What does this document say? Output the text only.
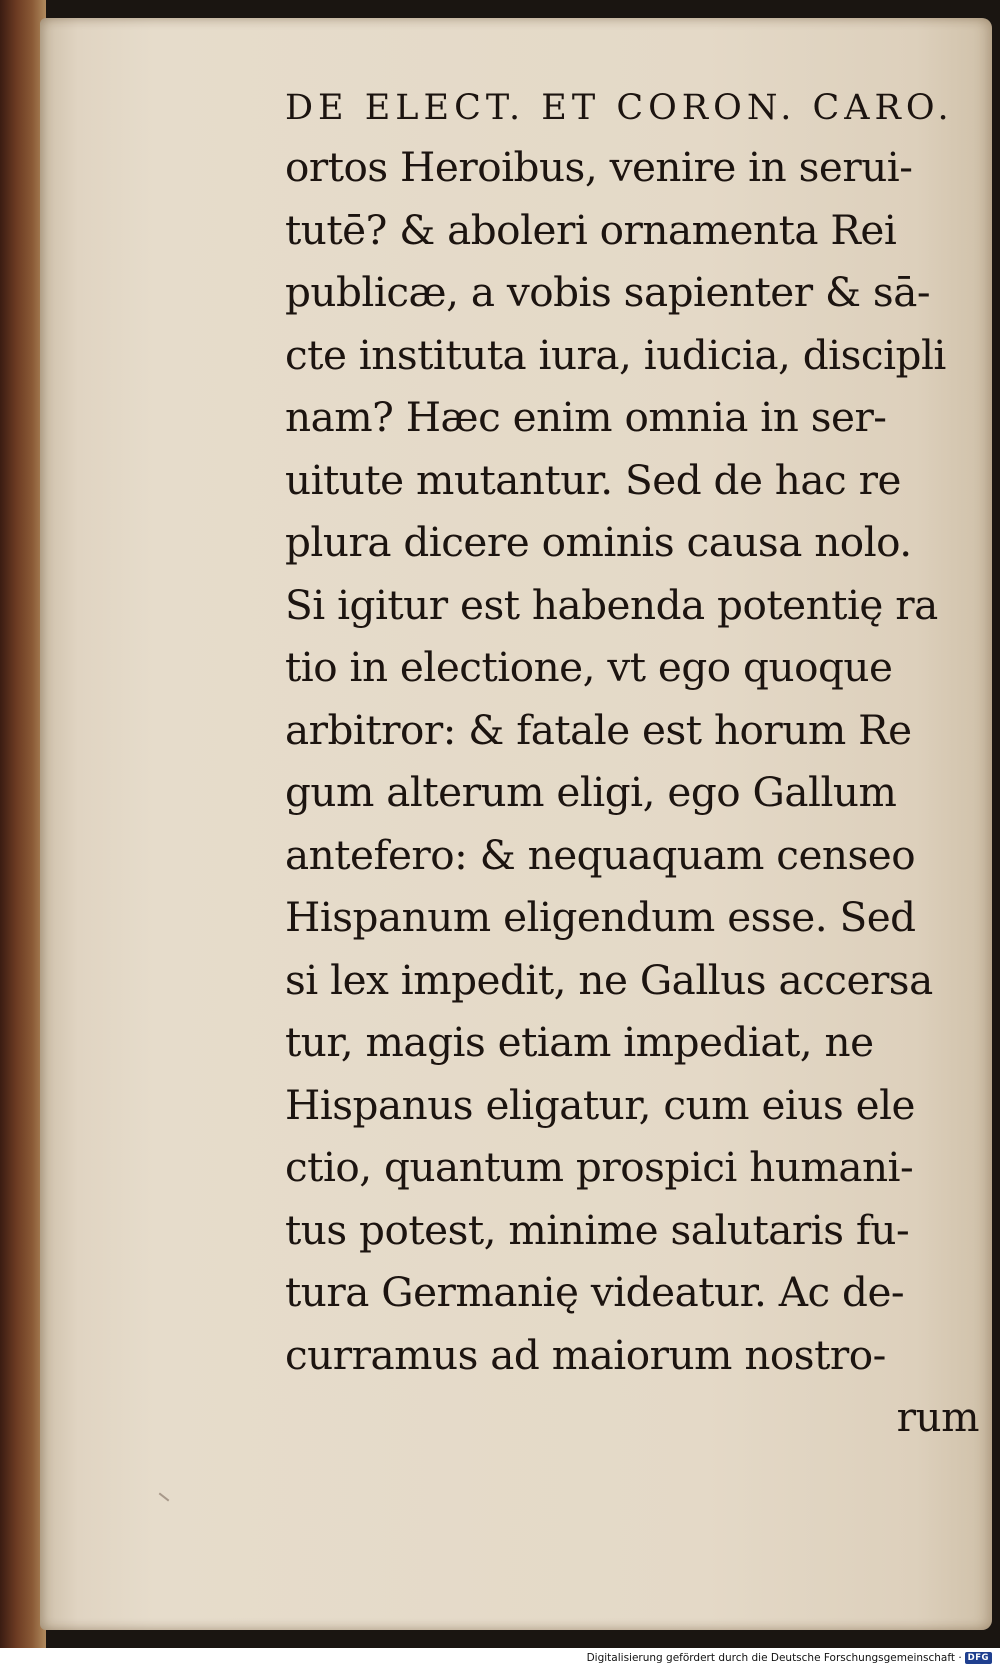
DE ELECT. ET CORON. CARO.
ortos Heroibus, venire in serui-
tutē? & aboleri ornamenta Rei
publicæ, a vobis sapienter & sā-
cte instituta iura, iudicia, discipli
nam? Hæc enim omnia in ser-
uitute mutantur. Sed de hac re
plura dicere ominis causa nolo.
Si igitur est habenda potentię ra
tio in electione, vt ego quoque
arbitror: & fatale est horum Re
gum alterum eligi, ego Gallum
antefero: & nequaquam censeo
Hispanum eligendum esse. Sed
si lex impedit, ne Gallus accersa
tur, magis etiam impediat, ne
Hispanus eligatur, cum eius ele
ctio, quantum prospici humani-
tus potest, minime salutaris fu-
tura Germanię videatur. Ac de-
curramus ad maiorum nostro-
rum
Digitalisierung gefördert durch die Deutsche Forschungsgemeinschaft · DFG
